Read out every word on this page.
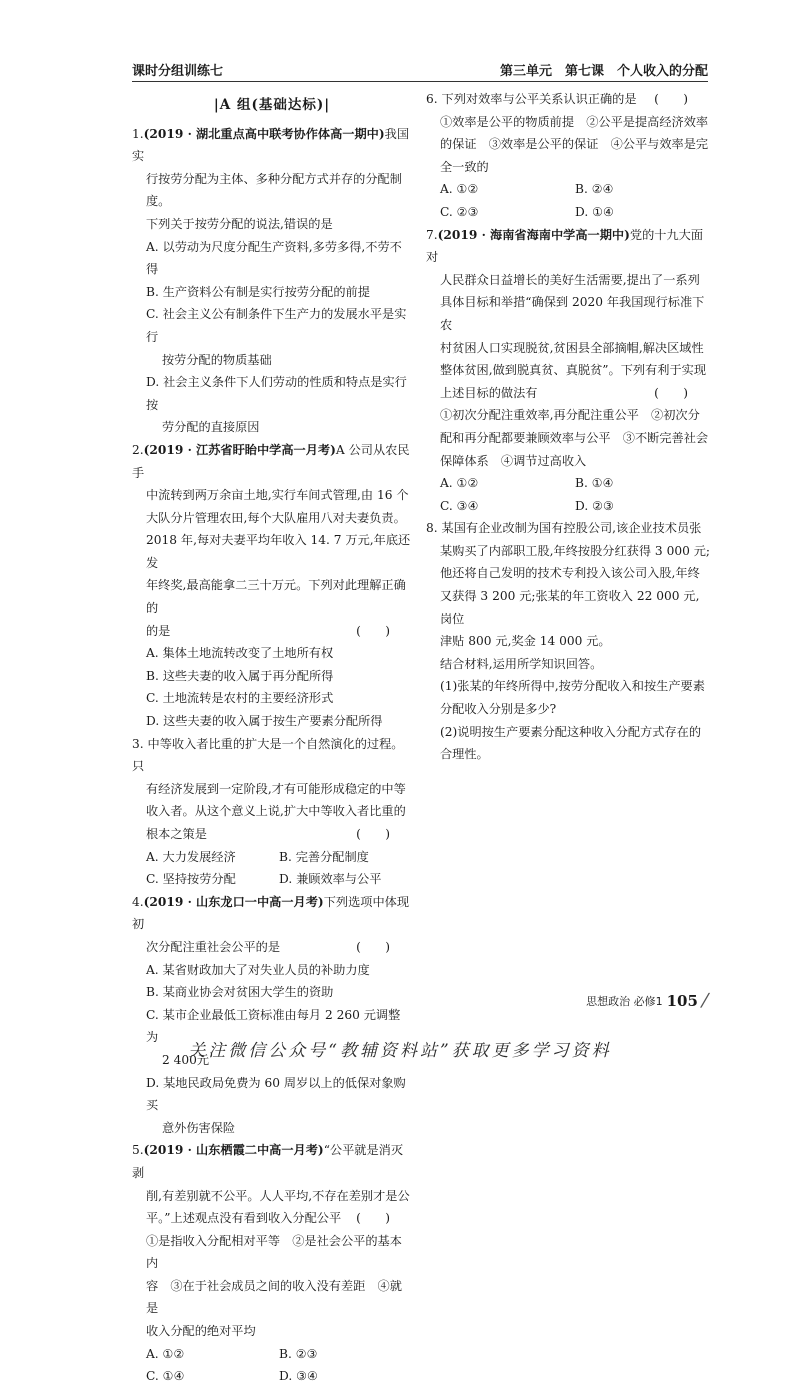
课时分组训练七	第三单元　第七课　个人收入的分配
|A 组(基础达标)|

1.(2019 · 湖北重点高中联考协作体高一期中)我国实

行按劳分配为主体、多种分配方式并存的分配制度。

下列关于按劳分配的说法,错误的是

A. 以劳动为尺度分配生产资料,多劳多得,不劳不得

B. 生产资料公有制是实行按劳分配的前提

C. 社会主义公有制条件下生产力的发展水平是实行

按劳分配的物质基础

D. 社会主义条件下人们劳动的性质和特点是实行按

劳分配的直接原因

2.(2019 · 江苏省盱眙中学高一月考)A 公司从农民手

中流转到两万余亩土地,实行车间式管理,由 16 个

大队分片管理农田,每个大队雇用八对夫妻负责。

2018 年,每对夫妻平均年收入 14. 7 万元,年底还发

年终奖,最高能拿二三十万元。下列对此理解正确的

的是	(　　)

A. 集体土地流转改变了土地所有权

B. 这些夫妻的收入属于再分配所得

C. 土地流转是农村的主要经济形式

D. 这些夫妻的收入属于按生产要素分配所得

3. 中等收入者比重的扩大是一个自然演化的过程。只

有经济发展到一定阶段,才有可能形成稳定的中等

收入者。从这个意义上说,扩大中等收入者比重的

根本之策是	(　　)

A. 大力发展经济	B. 完善分配制度
C. 坚持按劳分配	D. 兼顾效率与公平

4.(2019 · 山东龙口一中高一月考)下列选项中体现初

次分配注重社会公平的是	(　　)

A. 某省财政加大了对失业人员的补助力度

B. 某商业协会对贫困大学生的资助

C. 某市企业最低工资标准由每月 2 260 元调整为

2 400元

D. 某地民政局免费为 60 周岁以上的低保对象购买

意外伤害保险

5.(2019 · 山东栖霞二中高一月考)“公平就是消灭剥

削,有差别就不公平。人人平均,不存在差别才是公

平。”上述观点没有看到收入分配公平 (　　)

①是指收入分配相对平等　②是社会公平的基本内

容　③在于社会成员之间的收入没有差距　④就是

收入分配的绝对平均

A. ①②	B. ②③
C. ①④	D. ③④

6. 下列对效率与公平关系认识正确的是 (　　)

①效率是公平的物质前提　②公平是提高经济效率

的保证　③效率是公平的保证　④公平与效率是完

全一致的

A. ①②	B. ②④
C. ②③	D. ①④

7.(2019 · 海南省海南中学高一期中)党的十九大面对

人民群众日益增长的美好生活需要,提出了一系列

具体目标和举措“确保到 2020 年我国现行标准下农

村贫困人口实现脱贫,贫困县全部摘帽,解决区域性

整体贫困,做到脱真贫、真脱贫”。下列有利于实现

上述目标的做法有	(　　)

①初次分配注重效率,再分配注重公平　②初次分

配和再分配都要兼顾效率与公平　③不断完善社会

保障体系　④调节过高收入

A. ①②	B. ①④
C. ③④	D. ②③

8. 某国有企业改制为国有控股公司,该企业技术员张

某购买了内部职工股,年终按股分红获得 3 000 元;

他还将自己发明的技术专利投入该公司入股,年终

又获得 3 200 元;张某的年工资收入 22 000 元,岗位

津贴 800 元,奖金 14 000 元。

结合材料,运用所学知识回答。

(1)张某的年终所得中,按劳分配收入和按生产要素

分配收入分别是多少?

(2)说明按生产要素分配这种收入分配方式存在的

合理性。

思想政治 必修1 105 /
关注微信公众号“教辅资料站”获取更多学习资料
